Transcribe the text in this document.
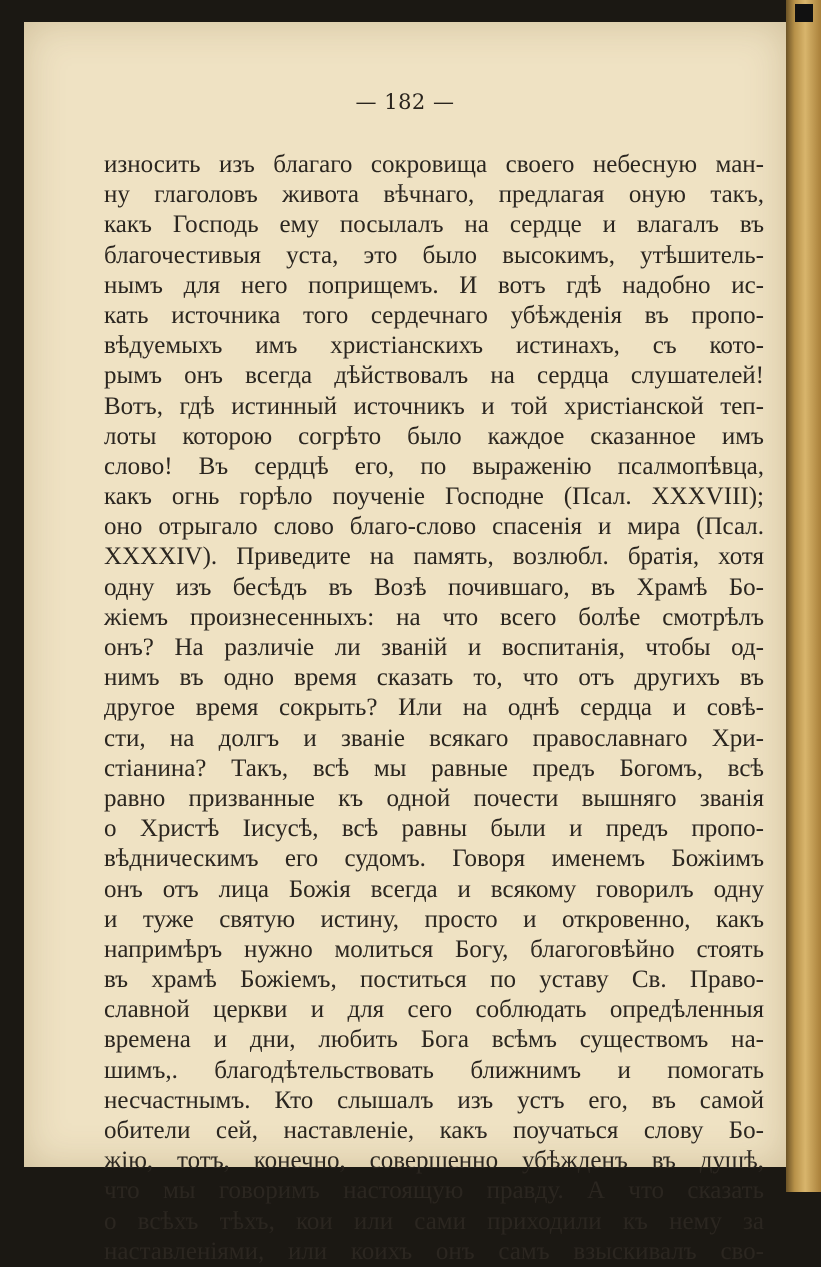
— 182 —
износить изъ благаго сокровища своего небесную ман-
ну глаголовъ живота вѣчнаго, предлагая оную такъ,
какъ Господь ему посылалъ на сердце и влагалъ въ
благочестивыя уста, это было высокимъ, утѣшитель-
нымъ для него поприщемъ. И вотъ гдѣ надобно ис-
кать источника того сердечнаго убѣжденія въ пропо-
вѣдуемыхъ имъ христіанскихъ истинахъ, съ кото-
рымъ онъ всегда дѣйствовалъ на сердца слушателей!
Вотъ, гдѣ истинный источникъ и той христіанской теп-
лоты которою согрѣто было каждое сказанное имъ
слово! Въ сердцѣ его, по выраженію псалмопѣвца,
какъ огнь горѣло поученіе Господне (Псал. XXXVIII);
оно отрыгало слово благо-слово спасенія и мира (Псал.
XXXXIV). Приведите на память, возлюбл. братія, хотя
одну изъ бесѣдъ въ Возѣ почившаго, въ Храмѣ Бо-
жіемъ произнесенныхъ: на что всего болѣе смотрѣлъ
онъ? На различіе ли званій и воспитанія, чтобы од-
нимъ въ одно время сказать то, что отъ другихъ въ
другое время сокрыть? Или на однѣ сердца и совѣ-
сти, на долгъ и званіе всякаго православнаго Хри-
стіанина? Такъ, всѣ мы равные предъ Богомъ, всѣ
равно призванные къ одной почести вышняго званія
о Христѣ Іисусѣ, всѣ равны были и предъ пропо-
вѣдническимъ его судомъ. Говоря именемъ Божіимъ
онъ отъ лица Божія всегда и всякому говорилъ одну
и туже святую истину, просто и откровенно, какъ
напримѣръ нужно молиться Богу, благоговѣйно стоять
въ храмѣ Божіемъ, поститься по уставу Св. Право-
славной церкви и для сего соблюдать опредѣленныя
времена и дни, любить Бога всѣмъ существомъ на-
шимъ,. благодѣтельствовать ближнимъ и помогать
несчастнымъ. Кто слышалъ изъ устъ его, въ самой
обители сей, наставленіе, какъ поучаться слову Бо-
жію, тотъ, конечно, совершенно убѣжденъ въ душѣ,
что мы говоримъ настоящую правду. А что сказать
о всѣхъ тѣхъ, кои или сами приходили къ нему за
наставленіями, или коихъ онъ самъ взыскивалъ сво-
